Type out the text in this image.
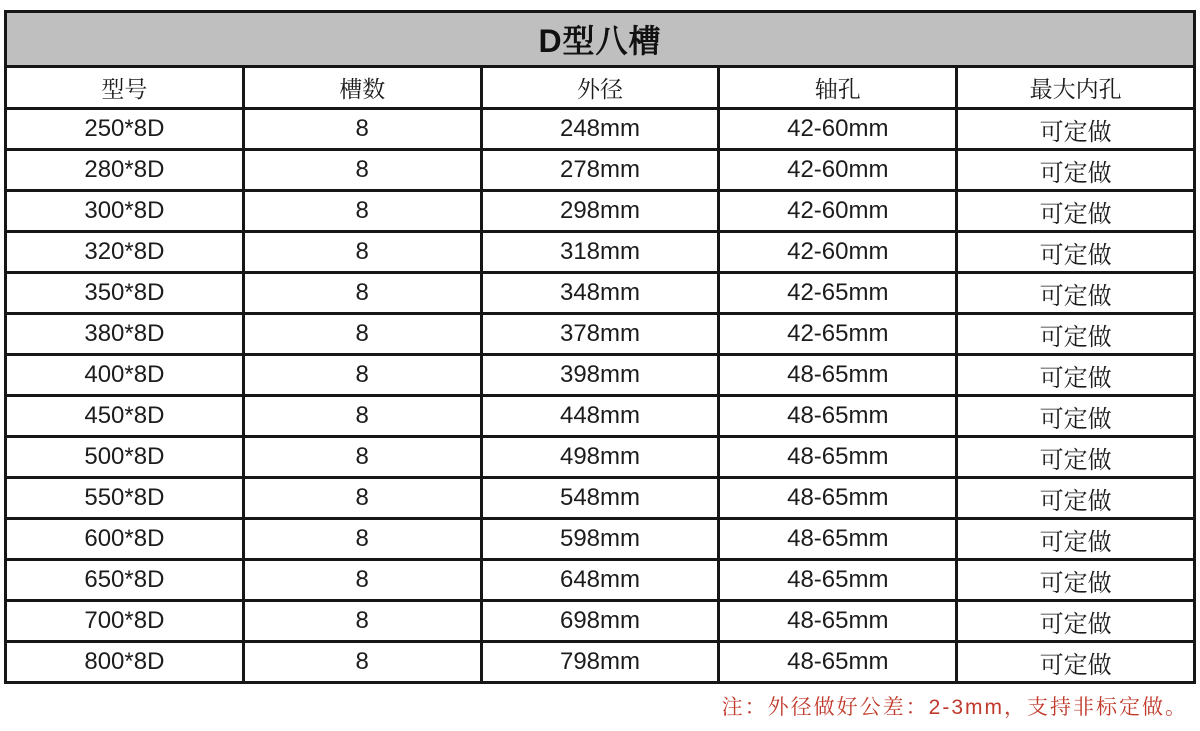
D型八槽				
型号	槽数	外径	轴孔	最大内孔
250*8D	8	248mm	42-60mm	可定做
280*8D	8	278mm	42-60mm	可定做
300*8D	8	298mm	42-60mm	可定做
320*8D	8	318mm	42-60mm	可定做
350*8D	8	348mm	42-65mm	可定做
380*8D	8	378mm	42-65mm	可定做
400*8D	8	398mm	48-65mm	可定做
450*8D	8	448mm	48-65mm	可定做
500*8D	8	498mm	48-65mm	可定做
550*8D	8	548mm	48-65mm	可定做
600*8D	8	598mm	48-65mm	可定做
650*8D	8	648mm	48-65mm	可定做
700*8D	8	698mm	48-65mm	可定做
800*8D	8	798mm	48-65mm	可定做
注：外径做好公差：2-3mm，支持非标定做。
